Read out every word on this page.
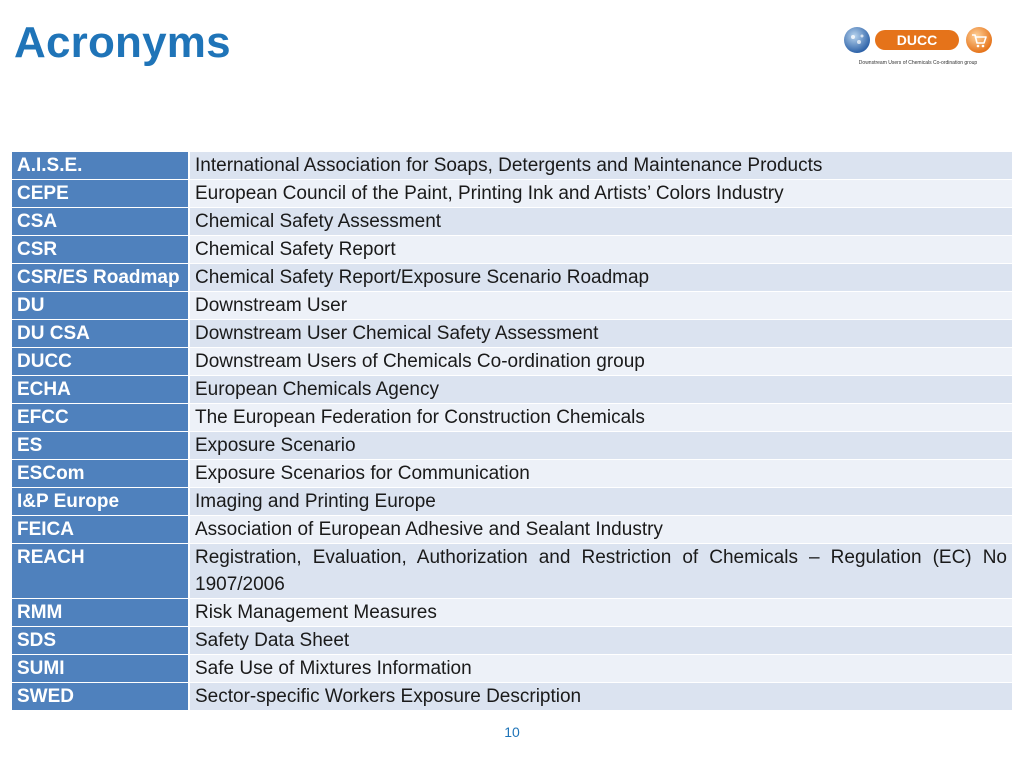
Acronyms	DUCC
Downstream Users of Chemicals Co-ordination group
A.I.S.E.	International Association for Soaps, Detergents and Maintenance Products
CEPE	European Council of the Paint, Printing Ink and Artists’ Colors Industry
CSA	Chemical Safety Assessment
CSR	Chemical Safety Report
CSR/ES Roadmap	Chemical Safety Report/Exposure Scenario Roadmap
DU	Downstream User
DU CSA	Downstream User Chemical Safety Assessment
DUCC	Downstream Users of Chemicals Co-ordination group
ECHA	European Chemicals Agency
EFCC	The European Federation for Construction Chemicals
ES	Exposure Scenario
ESCom	Exposure Scenarios for Communication
I&P Europe	Imaging and Printing Europe
FEICA	Association of European Adhesive and Sealant Industry
REACH	Registration, Evaluation, Authorization and Restriction of Chemicals – Regulation (EC) No 1907/2006
RMM	Risk Management Measures
SDS	Safety Data Sheet
SUMI	Safe Use of Mixtures Information
SWED	Sector-specific Workers Exposure Description
10
